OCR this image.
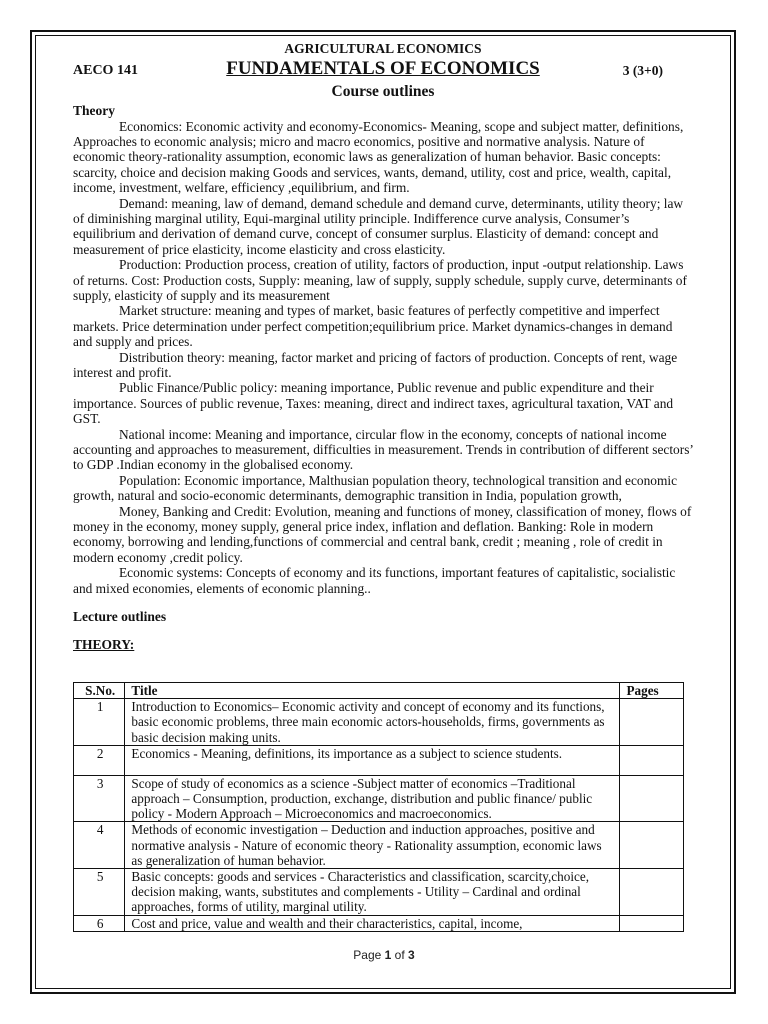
AGRICULTURAL ECONOMICS
AECO 141	FUNDAMENTALS OF ECONOMICS	3 (3+0)
Course outlines
Theory

Economics: Economic activity and economy-Economics- Meaning, scope and subject matter, definitions, Approaches to economic analysis; micro and macro economics, positive and normative analysis. Nature of economic theory-rationality assumption, economic laws as generalization of human behavior. Basic concepts: scarcity, choice and decision making Goods and services, wants, demand, utility, cost and price, wealth, capital, income, investment, welfare, efficiency ,equilibrium, and firm.

Demand: meaning, law of demand, demand schedule and demand curve, determinants, utility theory; law of diminishing marginal utility, Equi-marginal utility principle. Indifference curve analysis, Consumer’s equilibrium and derivation of demand curve, concept of consumer surplus. Elasticity of demand: concept and measurement of price elasticity, income elasticity and cross elasticity.

Production: Production process, creation of utility, factors of production, input -output relationship. Laws of returns. Cost: Production costs, Supply: meaning, law of supply, supply schedule, supply curve, determinants of supply, elasticity of supply and its measurement

Market structure: meaning and types of market, basic features of perfectly competitive and imperfect markets. Price determination under perfect competition;equilibrium price. Market dynamics-changes in demand and supply and prices.

Distribution theory: meaning, factor market and pricing of factors of production. Concepts of rent, wage interest and profit.

Public Finance/Public policy: meaning importance, Public revenue and public expenditure and their importance. Sources of public revenue, Taxes: meaning, direct and indirect taxes, agricultural taxation, VAT and GST.

National income: Meaning and importance, circular flow in the economy, concepts of national income accounting and approaches to measurement, difficulties in measurement. Trends in contribution of different sectors’ to GDP .Indian economy in the globalised economy.

Population: Economic importance, Malthusian population theory, technological transition and economic growth, natural and socio-economic determinants, demographic transition in India, population growth,

Money, Banking and Credit: Evolution, meaning and functions of money, classification of money, flows of money in the economy, money supply, general price index, inflation and deflation. Banking: Role in modern economy, borrowing and lending,functions of commercial and central bank, credit ; meaning , role of credit in modern economy ,credit policy.

Economic systems: Concepts of economy and its functions, important features of capitalistic, socialistic and mixed economies, elements of economic planning..

Lecture outlines
THEORY:
S.No.	Title	Pages
1	Introduction to Economics– Economic activity and concept of economy and its functions, basic economic problems, three main economic actors-households, firms, governments as basic decision making units.	
2	Economics - Meaning, definitions, its importance as a subject to science students.	
3	Scope of study of economics as a science -Subject matter of economics –Traditional approach – Consumption, production, exchange, distribution and public finance/ public policy - Modern Approach – Microeconomics and macroeconomics.	
4	Methods of economic investigation – Deduction and induction approaches, positive and normative analysis - Nature of economic theory - Rationality assumption, economic laws as generalization of human behavior.	
5	Basic concepts: goods and services - Characteristics and classification, scarcity,choice, decision making, wants, substitutes and complements - Utility – Cardinal and ordinal approaches, forms of utility, marginal utility.	
6	Cost and price, value and wealth and their characteristics, capital, income,	
Page 1 of 3
